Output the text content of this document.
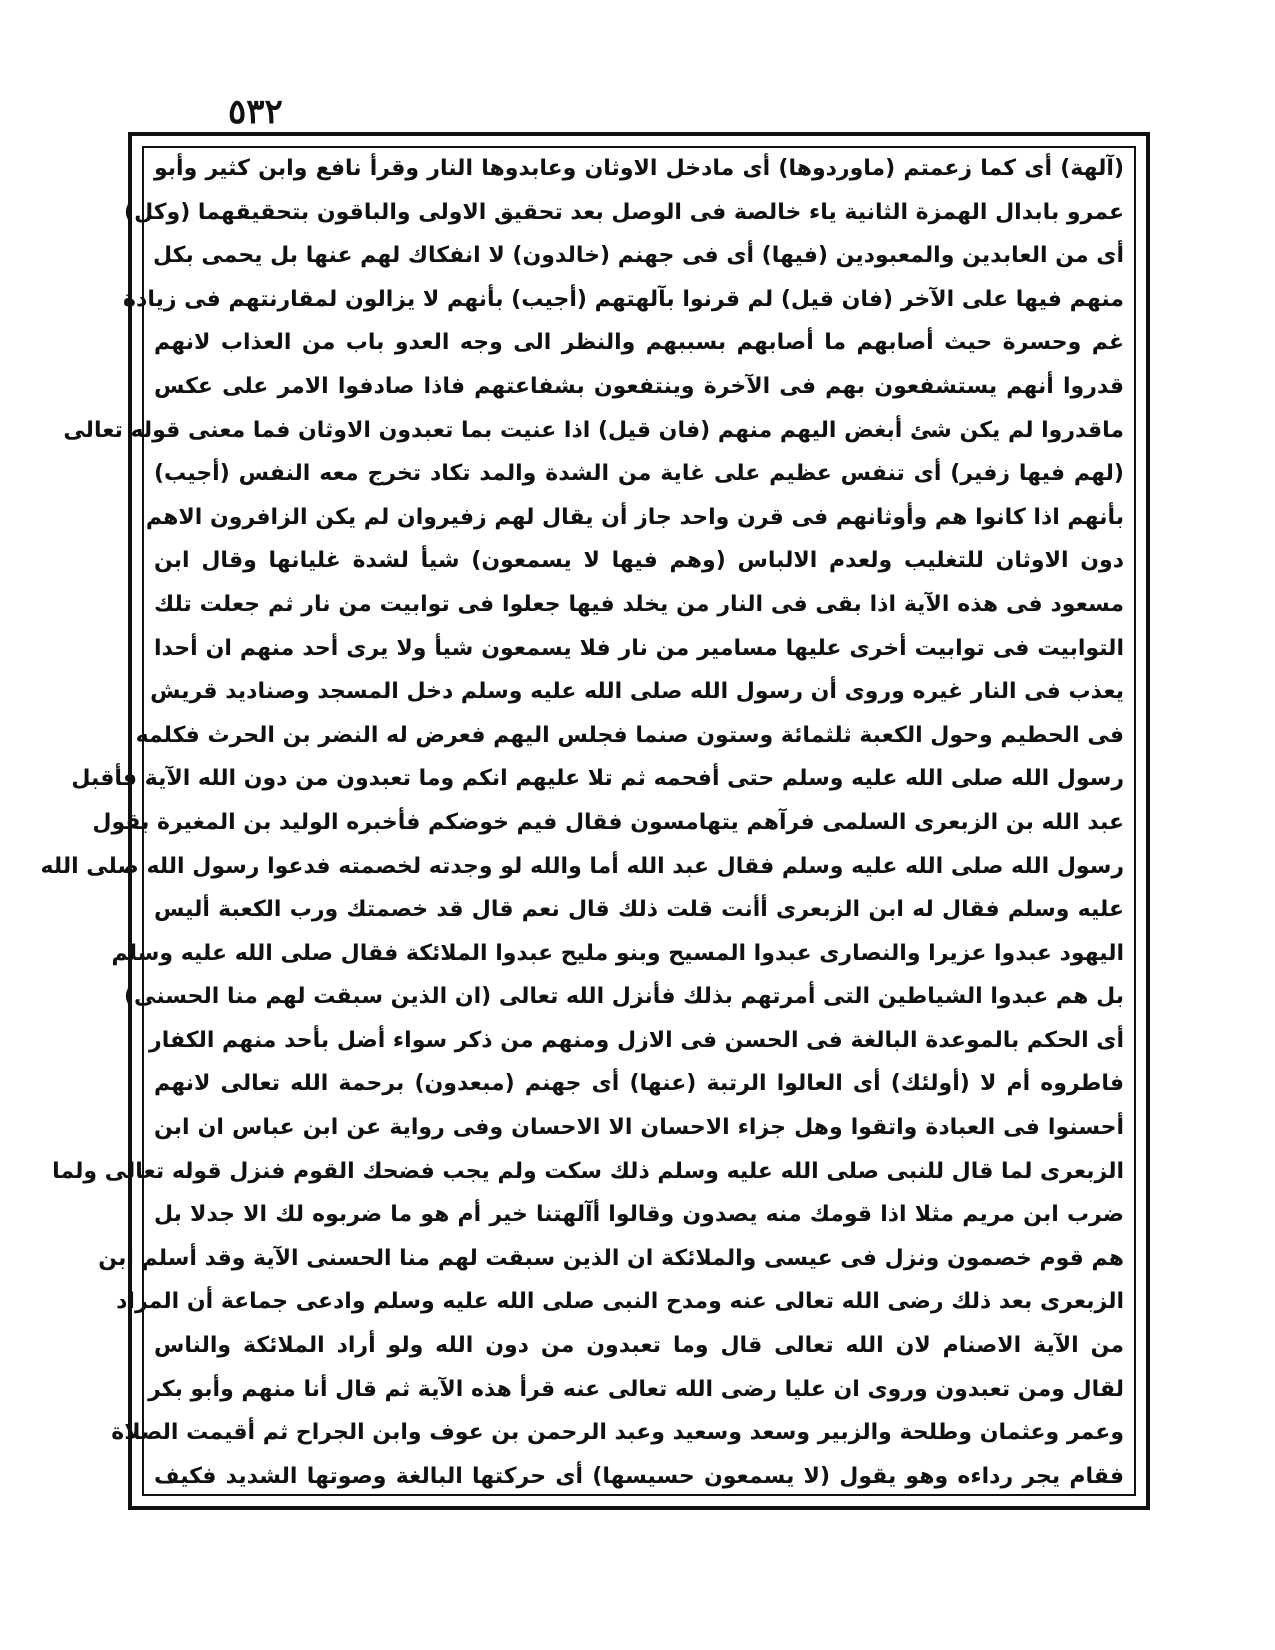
٥٣٢
(آلهة) أى كما زعمتم (ماوردوها) أى مادخل الاوثان وعابدوها النار وقرأ نافع وابن كثير وأبو
عمرو بابدال الهمزة الثانية ياء خالصة فى الوصل بعد تحقيق الاولى والباقون بتحقيقهما (وكل)
أى من العابدين والمعبودين (فيها) أى فى جهنم (خالدون) لا انفكاك لهم عنها بل يحمى بكل
منهم فيها على الآخر (فان قيل) لم قرنوا بآلهتهم (أجيب) بأنهم لا يزالون لمقارنتهم فى زيادة
غم وحسرة حيث أصابهم ما أصابهم بسببهم والنظر الى وجه العدو باب من العذاب لانهم
قدروا أنهم يستشفعون بهم فى الآخرة وينتفعون بشفاعتهم فاذا صادفوا الامر على عكس
ماقدروا لم يكن شئ أبغض اليهم منهم (فان قيل) اذا عنيت بما تعبدون الاوثان فما معنى قوله تعالى
(لهم فيها زفير) أى تنفس عظيم على غاية من الشدة والمد تكاد تخرج معه النفس (أجيب)
بأنهم اذا كانوا هم وأوثانهم فى قرن واحد جاز أن يقال لهم زفيروان لم يكن الزافرون الاهم
دون الاوثان للتغليب ولعدم الالباس (وهم فيها لا يسمعون) شيأ لشدة غليانها وقال ابن
مسعود فى هذه الآية اذا بقى فى النار من يخلد فيها جعلوا فى توابيت من نار ثم جعلت تلك
التوابيت فى توابيت أخرى عليها مسامير من نار فلا يسمعون شيأ ولا يرى أحد منهم ان أحدا
يعذب فى النار غيره وروى أن رسول الله صلى الله عليه وسلم دخل المسجد وصناديد قريش
فى الحطيم وحول الكعبة ثلثمائة وستون صنما فجلس اليهم فعرض له النضر بن الحرث فكلمه
رسول الله صلى الله عليه وسلم حتى أفحمه ثم تلا عليهم انكم وما تعبدون من دون الله الآية فأقبل
عبد الله بن الزبعرى السلمى فرآهم يتهامسون فقال فيم خوضكم فأخبره الوليد بن المغيرة بقول
رسول الله صلى الله عليه وسلم فقال عبد الله أما والله لو وجدته لخصمته فدعوا رسول الله صلى الله
عليه وسلم فقال له ابن الزبعرى أأنت قلت ذلك قال نعم قال قد خصمتك ورب الكعبة أليس
اليهود عبدوا عزيرا والنصارى عبدوا المسيح وبنو مليح عبدوا الملائكة فقال صلى الله عليه وسلم
بل هم عبدوا الشياطين التى أمرتهم بذلك فأنزل الله تعالى (ان الذين سبقت لهم منا الحسنى)
أى الحكم بالموعدة البالغة فى الحسن فى الازل ومنهم من ذكر سواء أضل بأحد منهم الكفار
فاطروه أم لا (أولئك) أى العالوا الرتبة (عنها) أى جهنم (مبعدون) برحمة الله تعالى لانهم
أحسنوا فى العبادة واتقوا وهل جزاء الاحسان الا الاحسان وفى رواية عن ابن عباس ان ابن
الزبعرى لما قال للنبى صلى الله عليه وسلم ذلك سكت ولم يجب فضحك القوم فنزل قوله تعالى ولما
ضرب ابن مريم مثلا اذا قومك منه يصدون وقالوا أآلهتنا خير أم هو ما ضربوه لك الا جدلا بل
هم قوم خصمون ونزل فى عيسى والملائكة ان الذين سبقت لهم منا الحسنى الآية وقد أسلم ابن
الزبعرى بعد ذلك رضى الله تعالى عنه ومدح النبى صلى الله عليه وسلم وادعى جماعة أن المراد
من الآية الاصنام لان الله تعالى قال وما تعبدون من دون الله ولو أراد الملائكة والناس
لقال ومن تعبدون وروى ان عليا رضى الله تعالى عنه قرأ هذه الآية ثم قال أنا منهم وأبو بكر
وعمر وعثمان وطلحة والزبير وسعد وسعيد وعبد الرحمن بن عوف وابن الجراح ثم أقيمت الصلاة
فقام يجر رداءه وهو يقول (لا يسمعون حسيسها) أى حركتها البالغة وصوتها الشديد فكيف
